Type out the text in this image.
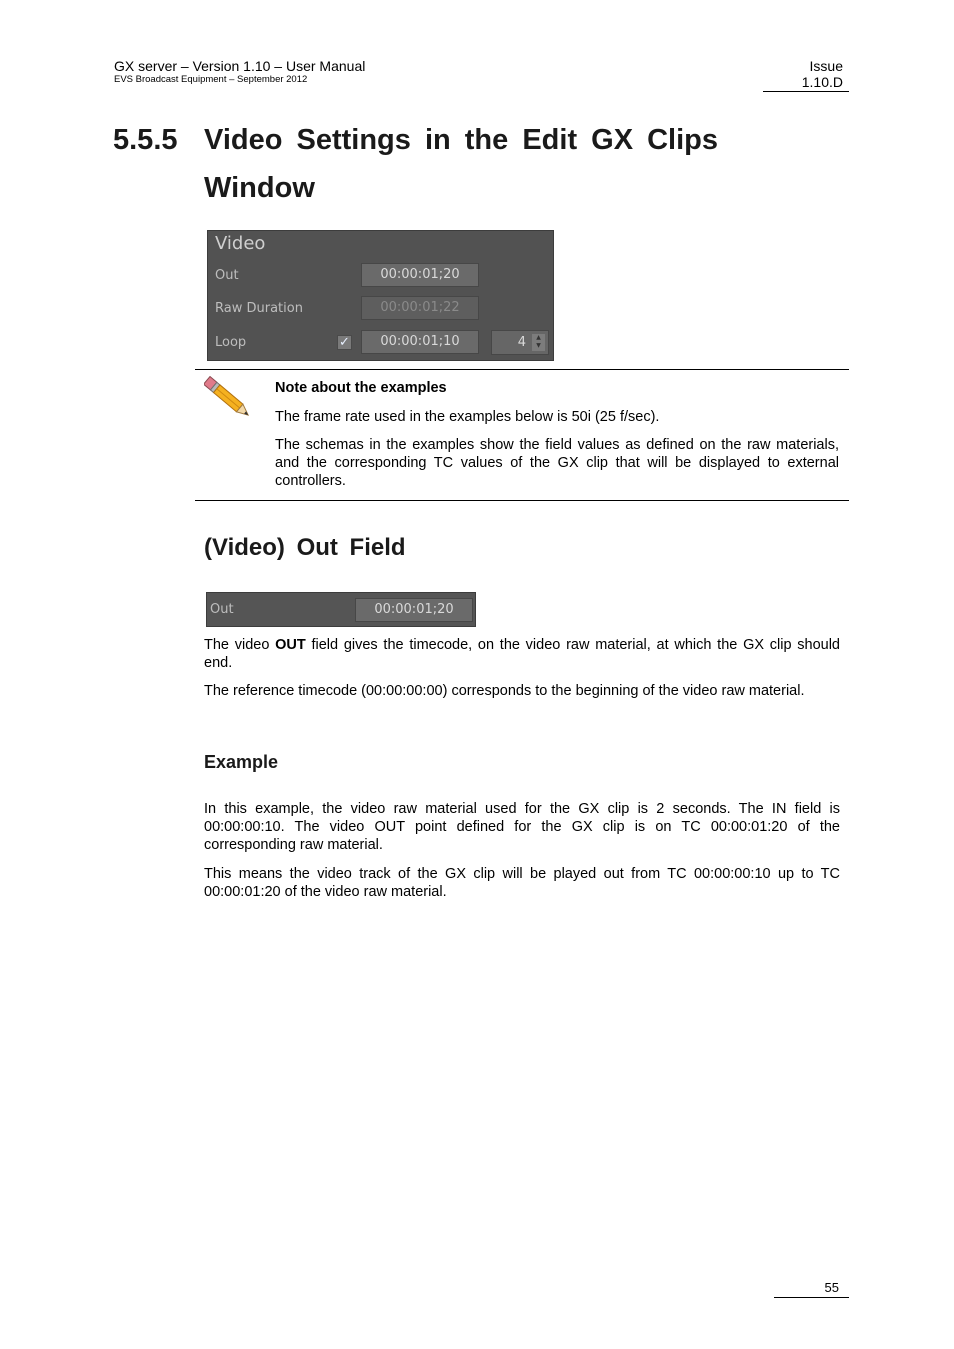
GX server – Version 1.10 – User Manual
EVS Broadcast Equipment – September 2012
Issue
1.10.D
5.5.5 Video Settings in the Edit GX Clips
Window
Video
Out	00:00:01;20
Raw Duration	00:00:01;22
Loop	✓	00:00:01;10	4	▲
▼
Note about the examples
The frame rate used in the examples below is 50i (25 f/sec).
The schemas in the examples show the field values as defined on the raw materials, and the corresponding TC values of the GX clip that will be displayed to external controllers.
(Video) Out Field
Out	00:00:01;20
The video OUT field gives the timecode, on the video raw material, at which the GX clip should end.
The reference timecode (00:00:00:00) corresponds to the beginning of the video raw material.
Example
In this example, the video raw material used for the GX clip is 2 seconds. The IN field is 00:00:00:10. The video OUT point defined for the GX clip is on TC 00:00:01:20 of the corresponding raw material.
This means the video track of the GX clip will be played out from TC 00:00:00:10 up to TC 00:00:01:20 of the video raw material.
55
